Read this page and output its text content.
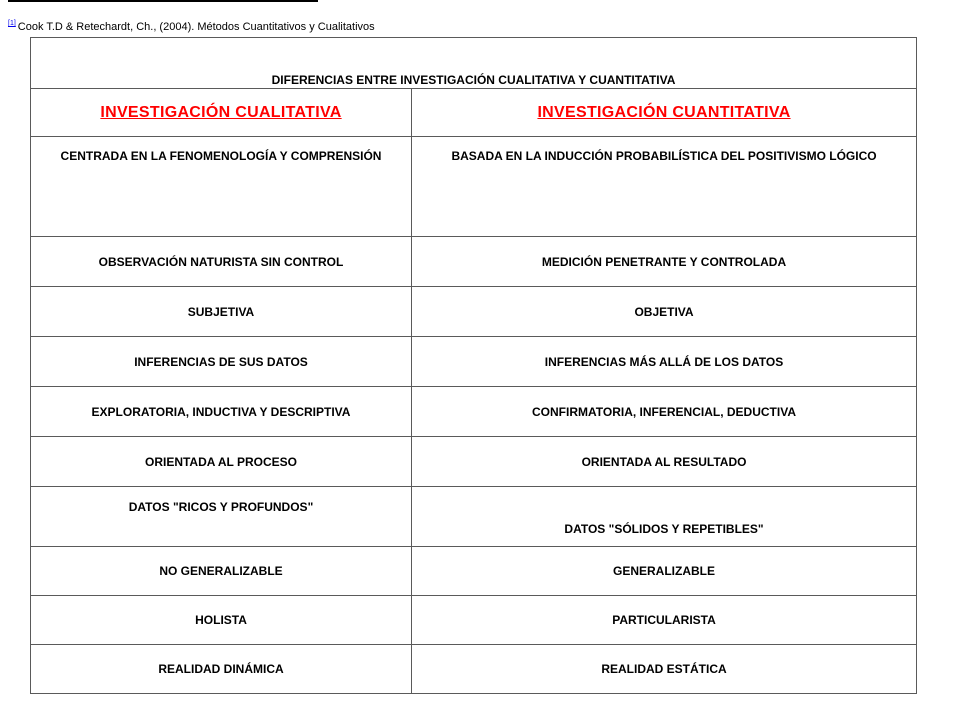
[1] Cook T.D & Retechardt, Ch., (2004). Métodos Cuantitativos y Cualitativos
DIFERENCIAS ENTRE INVESTIGACIÓN CUALITATIVA Y CUANTITATIVA	
INVESTIGACIÓN CUALITATIVA	INVESTIGACIÓN CUANTITATIVA
CENTRADA EN LA FENOMENOLOGÍA Y COMPRENSIÓN	BASADA EN LA INDUCCIÓN PROBABILÍSTICA DEL POSITIVISMO LÓGICO
OBSERVACIÓN NATURISTA SIN CONTROL	MEDICIÓN PENETRANTE Y CONTROLADA
SUBJETIVA	OBJETIVA
INFERENCIAS DE SUS DATOS	INFERENCIAS MÁS ALLÁ DE LOS DATOS
EXPLORATORIA, INDUCTIVA Y DESCRIPTIVA	CONFIRMATORIA, INFERENCIAL, DEDUCTIVA
ORIENTADA AL PROCESO	ORIENTADA AL RESULTADO
DATOS "RICOS Y PROFUNDOS"	DATOS "SÓLIDOS Y REPETIBLES"
NO GENERALIZABLE	GENERALIZABLE
HOLISTA	PARTICULARISTA
REALIDAD DINÁMICA	REALIDAD ESTÁTICA
